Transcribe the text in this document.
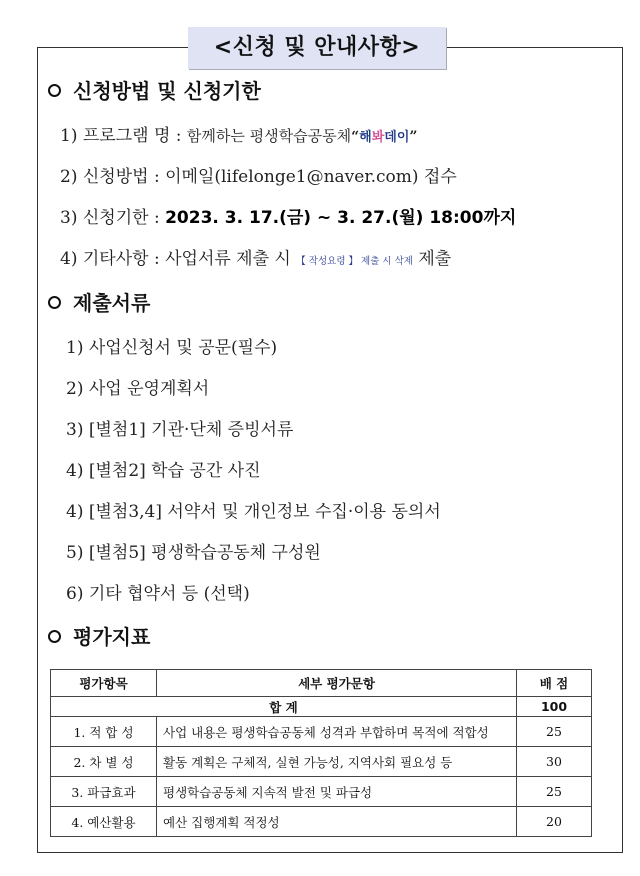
<신청 및 안내사항>
신청방법 및 신청기한
1) 프로그램 명 : 함께하는 평생학습공동체“해봐데이”
2) 신청방법 : 이메일(lifelonge1@naver.com) 접수
3) 신청기한 : 2023. 3. 17.(금) ~ 3. 27.(월) 18:00까지
4) 기타사항 : 사업서류 제출 시 【 작성요령 】 제출 시 삭제 제출
제출서류
1) 사업신청서 및 공문(필수)
2) 사업 운영계획서
3) [별첨1] 기관·단체 증빙서류
4) [별첨2] 학습 공간 사진
4) [별첨3,4] 서약서 및 개인정보 수집·이용 동의서
5) [별첨5] 평생학습공동체 구성원
6) 기타 협약서 등 (선택)
평가지표
평가항목	세부 평가문항	배 점
합 계		100
1. 적 합 성	사업 내용은 평생학습공동체 성격과 부합하며 목적에 적합성	25
2. 차 별 성	활동 계획은 구체적, 실현 가능성, 지역사회 필요성 등	30
3. 파급효과	평생학습공동체 지속적 발전 및 파급성	25
4. 예산활용	예산 집행계획 적정성	20
